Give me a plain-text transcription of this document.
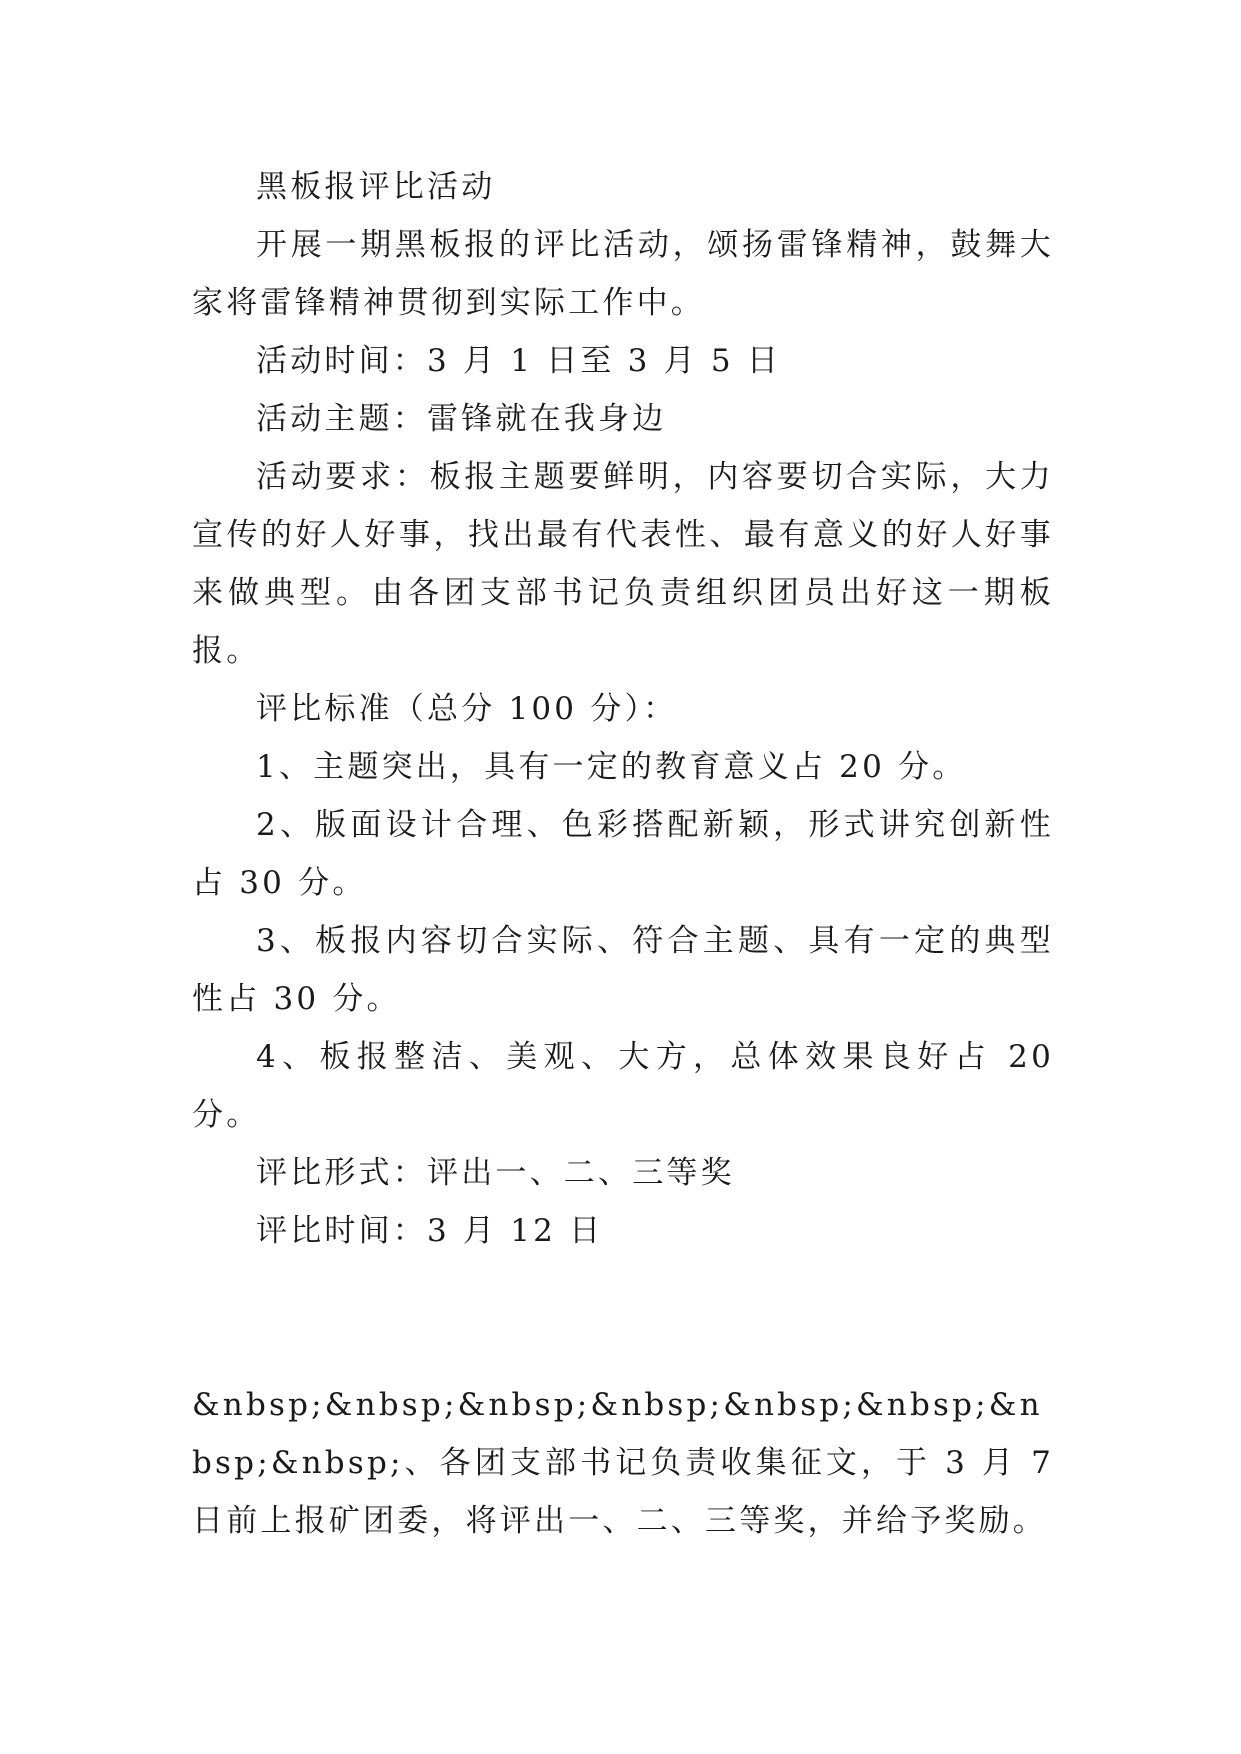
黑板报评比活动

开展一期黑板报的评比活动，颂扬雷锋精神，鼓舞大家将雷锋精神贯彻到实际工作中。

活动时间：3 月 1 日至 3 月 5 日

活动主题：雷锋就在我身边

活动要求：板报主题要鲜明，内容要切合实际，大力宣传的好人好事，找出最有代表性、最有意义的好人好事来做典型。由各团支部书记负责组织团员出好这一期板报。

评比标准（总分 100 分）：

1、主题突出，具有一定的教育意义占 20 分。

2、版面设计合理、色彩搭配新颖，形式讲究创新性占 30 分。

3、板报内容切合实际、符合主题、具有一定的典型性占 30 分。

4、板报整洁、美观、大方，总体效果良好占 20 分。

评比形式：评出一、二、三等奖

评比时间：3 月 12 日

&nbsp;&nbsp;&nbsp;&nbsp;&nbsp;&nbsp;&nbsp;&nbsp;、各团支部书记负责收集征文，于 3 月 7 日前上报矿团委，将评出一、二、三等奖，并给予奖励。
